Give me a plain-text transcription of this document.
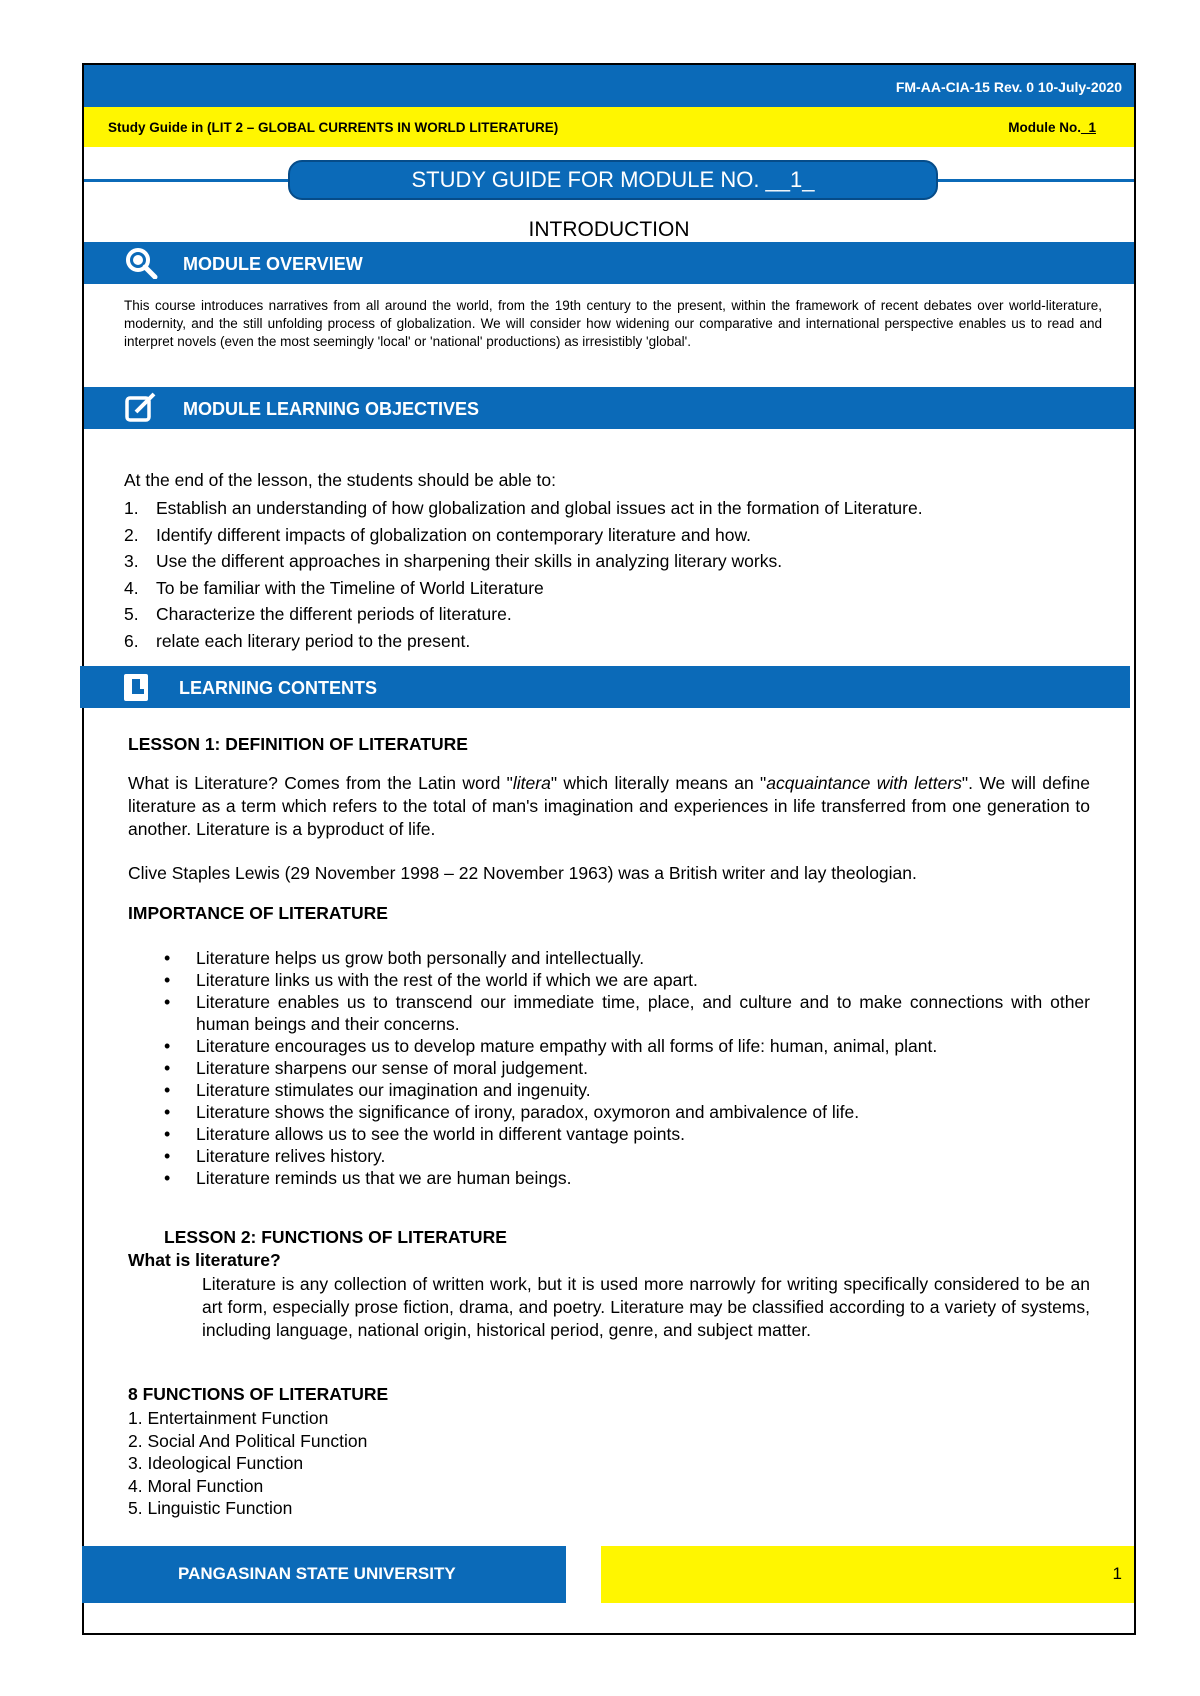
FM-AA-CIA-15 Rev. 0 10-July-2020
Study Guide in (LIT 2 – GLOBAL CURRENTS IN WORLD LITERATURE)	Module No._1
STUDY GUIDE FOR MODULE NO. __1_
INTRODUCTION
MODULE OVERVIEW
This course introduces narratives from all around the world, from the 19th century to the present, within the framework of recent debates over world-literature, modernity, and the still unfolding process of globalization. We will consider how widening our comparative and international perspective enables us to read and interpret novels (even the most seemingly 'local' or 'national' productions) as irresistibly 'global'.
MODULE LEARNING OBJECTIVES
At the end of the lesson, the students should be able to:
1. Establish an understanding of how globalization and global issues act in the formation of Literature.
2. Identify different impacts of globalization on contemporary literature and how.
3. Use the different approaches in sharpening their skills in analyzing literary works.
4. To be familiar with the Timeline of World Literature
5. Characterize the different periods of literature.
6. relate each literary period to the present.
LEARNING CONTENTS
LESSON 1: DEFINITION OF LITERATURE
What is Literature? Comes from the Latin word "litera" which literally means an "acquaintance with letters". We will define literature as a term which refers to the total of man's imagination and experiences in life transferred from one generation to another. Literature is a byproduct of life.
Clive Staples Lewis (29 November 1998 – 22 November 1963) was a British writer and lay theologian.
IMPORTANCE OF LITERATURE
• Literature helps us grow both personally and intellectually.
• Literature links us with the rest of the world if which we are apart.
• Literature enables us to transcend our immediate time, place, and culture and to make connections with other human beings and their concerns.
• Literature encourages us to develop mature empathy with all forms of life: human, animal, plant.
• Literature sharpens our sense of moral judgement.
• Literature stimulates our imagination and ingenuity.
• Literature shows the significance of irony, paradox, oxymoron and ambivalence of life.
• Literature allows us to see the world in different vantage points.
• Literature relives history.
• Literature reminds us that we are human beings.
LESSON 2: FUNCTIONS OF LITERATURE
What is literature?
Literature is any collection of written work, but it is used more narrowly for writing specifically considered to be an art form, especially prose fiction, drama, and poetry. Literature may be classified according to a variety of systems, including language, national origin, historical period, genre, and subject matter.
8 FUNCTIONS OF LITERATURE
1. Entertainment Function
2. Social And Political Function
3. Ideological Function
4. Moral Function
5. Linguistic Function
PANGASINAN STATE UNIVERSITY	1
